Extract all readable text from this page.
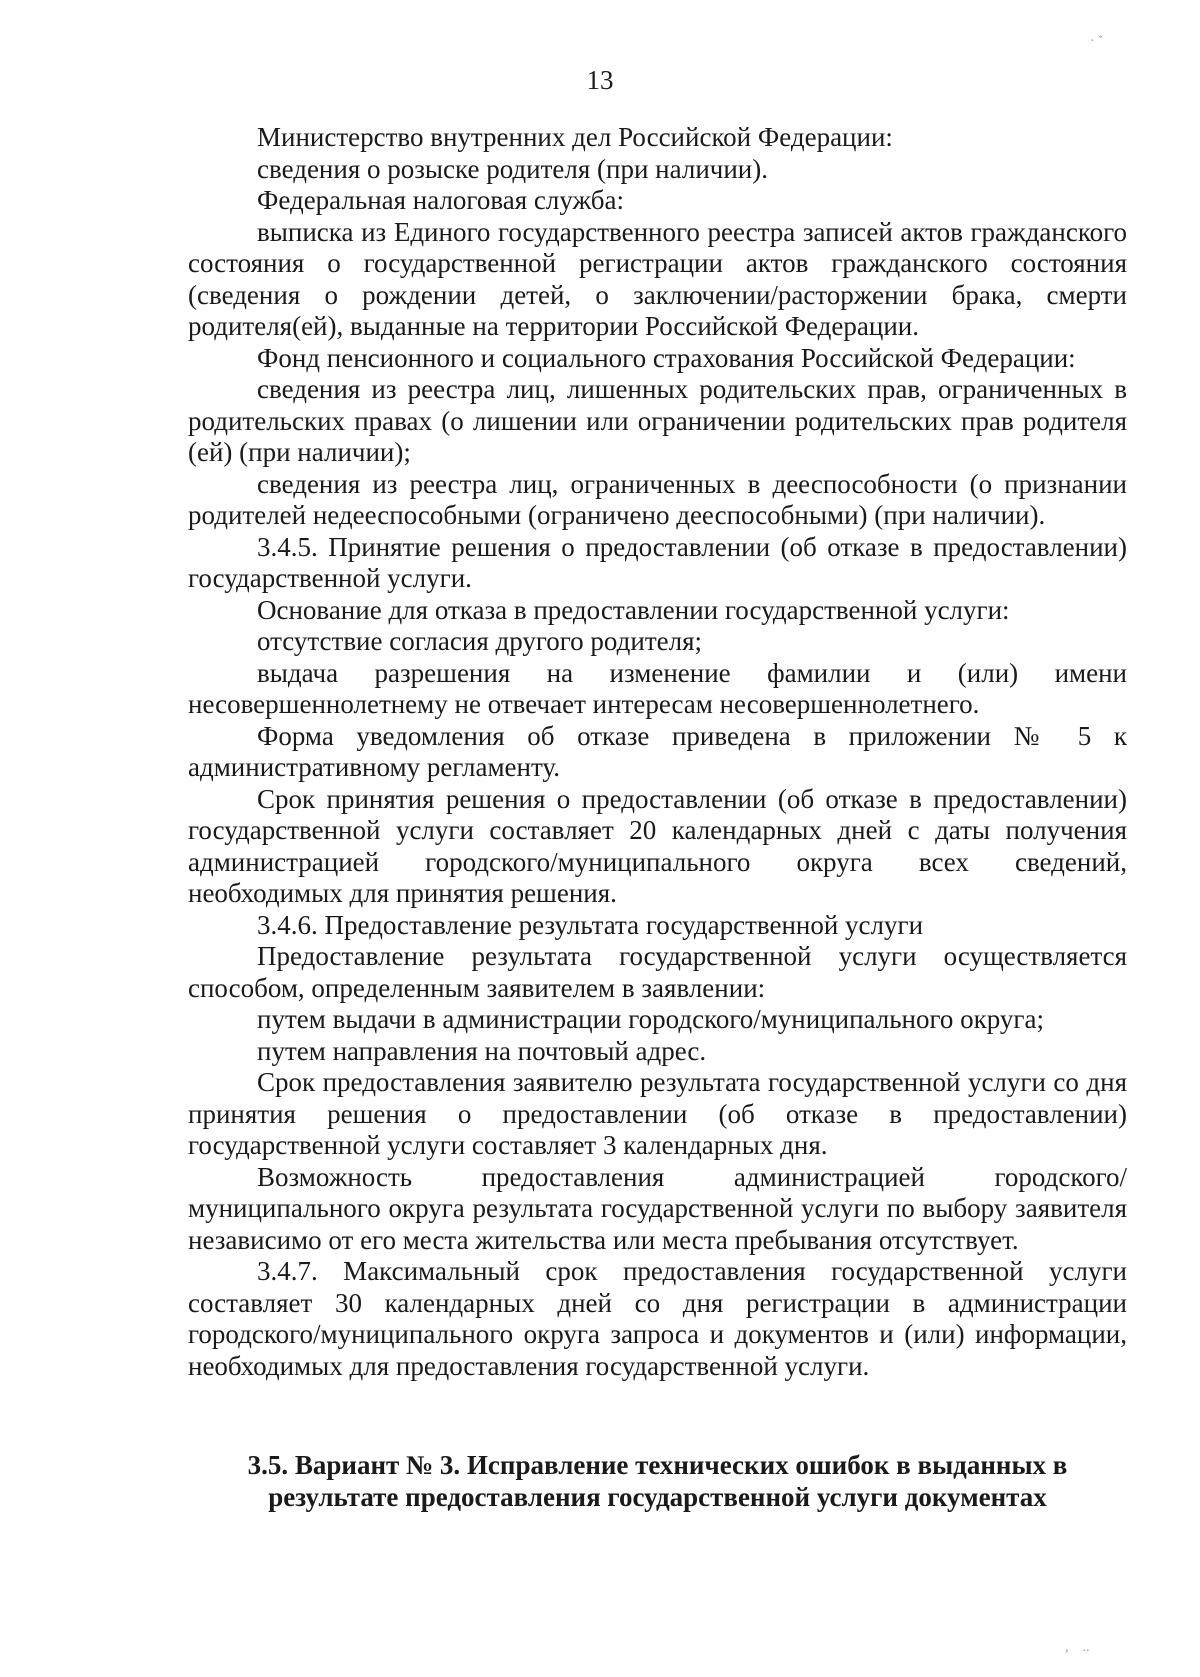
· ˇ
13

Министерство внутренних дел Российской Федерации:

сведения о розыске родителя (при наличии).

Федеральная налоговая служба:

выписка из Единого государственного реестра записей актов гражданского состояния о государственной регистрации актов гражданского состояния (сведения о рождении детей, о заключении/расторжении брака, смерти родителя(ей), выданные на территории Российской Федерации.

Фонд пенсионного и социального страхования Российской Федерации:

сведения из реестра лиц, лишенных родительских прав, ограниченных в родительских правах (о лишении или ограничении родительских прав родителя (ей) (при наличии);

сведения из реестра лиц, ограниченных в дееспособности (о признании родителей недееспособными (ограничено дееспособными) (при наличии).

3.4.5. Принятие решения о предоставлении (об отказе в предоставлении) государственной услуги.

Основание для отказа в предоставлении государственной услуги:

отсутствие согласия другого родителя;

выдача разрешения на изменение фамилии и (или) имени несовершеннолетнему не отвечает интересам несовершеннолетнего.

Форма уведомления об отказе приведена в приложении № 5 к административному регламенту.

Срок принятия решения о предоставлении (об отказе в предоставлении) государственной услуги составляет 20 календарных дней с даты получения администрацией городского/муниципального округа всех сведений, необходимых для принятия решения.

3.4.6. Предоставление результата государственной услуги

Предоставление результата государственной услуги осуществляется способом, определенным заявителем в заявлении:

путем выдачи в администрации городского/муниципального округа;

путем направления на почтовый адрес.

Срок предоставления заявителю результата государственной услуги со дня принятия решения о предоставлении (об отказе в предоставлении) государственной услуги составляет 3 календарных дня.

Возможность предоставления администрацией городского/муниципального округа результата государственной услуги по выбору заявителя независимо от его места жительства или места пребывания отсутствует.

3.4.7. Максимальный срок предоставления государственной услуги составляет 30 календарных дней со дня регистрации в администрации городского/муниципального округа запроса и документов и (или) информации, необходимых для предоставления государственной услуги.

3.5. Вариант № 3. Исправление технических ошибок в выданных в
результате предоставления государственной услуги документах
,    ..
